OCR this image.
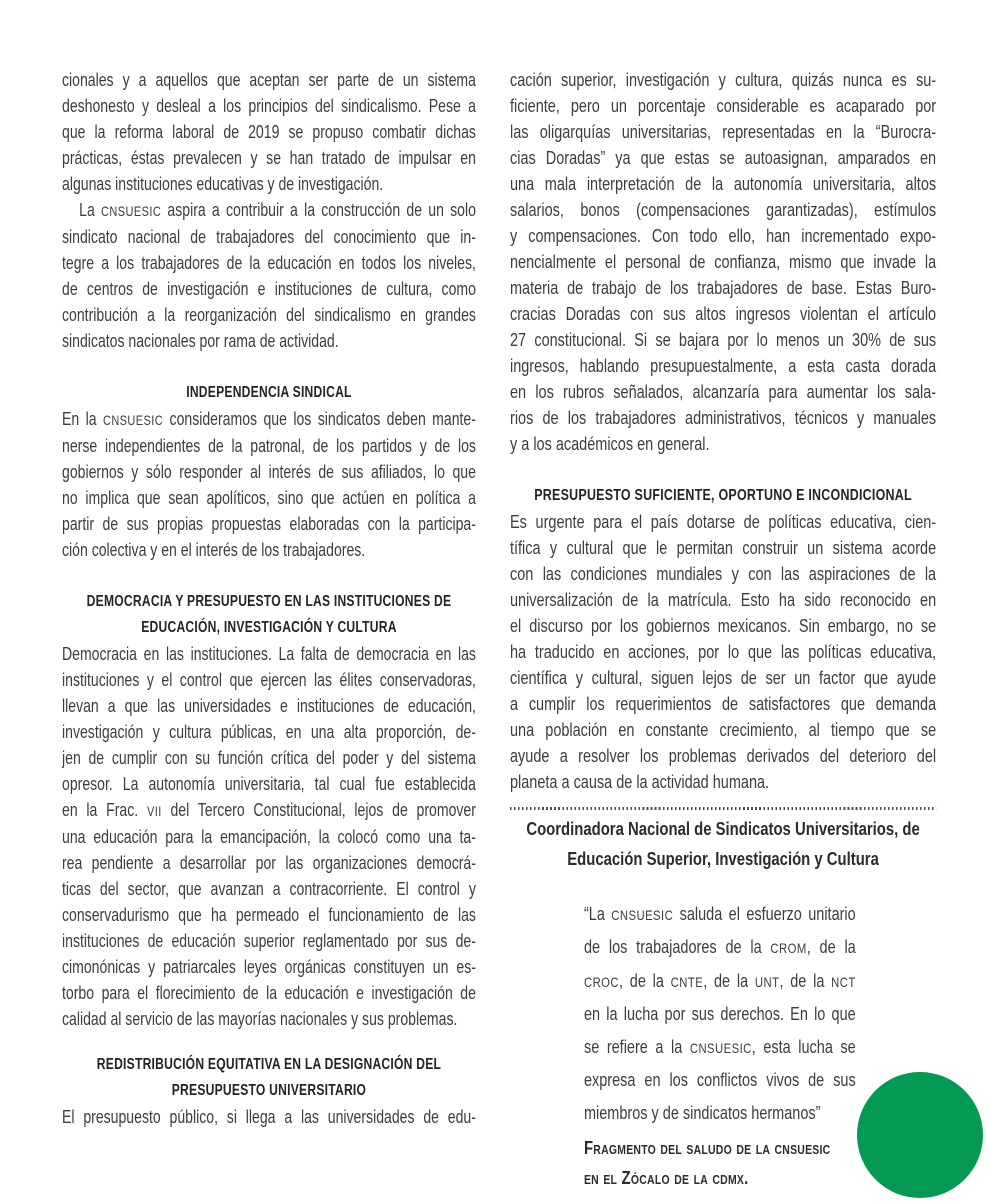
cionales y a aquellos que aceptan ser parte de un sistema
deshonesto y desleal a los principios del sindicalismo. Pese a
que la reforma laboral de 2019 se propuso combatir dichas
prácticas, éstas prevalecen y se han tratado de impulsar en
algunas instituciones educativas y de investigación.
La CNSUESIC aspira a contribuir a la construcción de un solo
sindicato nacional de trabajadores del conocimiento que in-
tegre a los trabajadores de la educación en todos los niveles,
de centros de investigación e instituciones de cultura, como
contribución a la reorganización del sindicalismo en grandes
sindicatos nacionales por rama de actividad.
INDEPENDENCIA SINDICAL
En la CNSUESIC consideramos que los sindicatos deben mante-
nerse independientes de la patronal, de los partidos y de los
gobiernos y sólo responder al interés de sus afiliados, lo que
no implica que sean apolíticos, sino que actúen en política a
partir de sus propias propuestas elaboradas con la participa-
ción colectiva y en el interés de los trabajadores.
DEMOCRACIA Y PRESUPUESTO EN LAS INSTITUCIONES DE
EDUCACIÓN, INVESTIGACIÓN Y CULTURA
Democracia en las instituciones. La falta de democracia en las
instituciones y el control que ejercen las élites conservadoras,
llevan a que las universidades e instituciones de educación,
investigación y cultura públicas, en una alta proporción, de-
jen de cumplir con su función crítica del poder y del sistema
opresor. La autonomía universitaria, tal cual fue establecida
en la Frac. VII del Tercero Constitucional, lejos de promover
una educación para la emancipación, la colocó como una ta-
rea pendiente a desarrollar por las organizaciones democrá-
ticas del sector, que avanzan a contracorriente. El control y
conservadurismo que ha permeado el funcionamiento de las
instituciones de educación superior reglamentado por sus de-
cimonónicas y patriarcales leyes orgánicas constituyen un es-
torbo para el florecimiento de la educación e investigación de
calidad al servicio de las mayorías nacionales y sus problemas.
REDISTRIBUCIÓN EQUITATIVA EN LA DESIGNACIÓN DEL
PRESUPUESTO UNIVERSITARIO
El presupuesto público, si llega a las universidades de edu-
cación superior, investigación y cultura, quizás nunca es su-
ficiente, pero un porcentaje considerable es acaparado por
las oligarquías universitarias, representadas en la “Burocra-
cias Doradas” ya que estas se autoasignan, amparados en
una mala interpretación de la autonomía universitaria, altos
salarios, bonos (compensaciones garantizadas), estímulos
y compensaciones. Con todo ello, han incrementado expo-
nencialmente el personal de confianza, mismo que invade la
materia de trabajo de los trabajadores de base. Estas Buro-
cracias Doradas con sus altos ingresos violentan el artículo
27 constitucional. Si se bajara por lo menos un 30% de sus
ingresos, hablando presupuestalmente, a esta casta dorada
en los rubros señalados, alcanzaría para aumentar los sala-
rios de los trabajadores administrativos, técnicos y manuales
y a los académicos en general.
PRESUPUESTO SUFICIENTE, OPORTUNO E INCONDICIONAL
Es urgente para el país dotarse de políticas educativa, cien-
tífica y cultural que le permitan construir un sistema acorde
con las condiciones mundiales y con las aspiraciones de la
universalización de la matrícula. Esto ha sido reconocido en
el discurso por los gobiernos mexicanos. Sin embargo, no se
ha traducido en acciones, por lo que las políticas educativa,
científica y cultural, siguen lejos de ser un factor que ayude
a cumplir los requerimientos de satisfactores que demanda
una población en constante crecimiento, al tiempo que se
ayude a resolver los problemas derivados del deterioro del
planeta a causa de la actividad humana.
Coordinadora Nacional de Sindicatos Universitarios, de
Educación Superior, Investigación y Cultura
“La CNSUESIC saluda el esfuerzo unitario
de los trabajadores de la CROM, de la
CROC, de la CNTE, de la UNT, de la NCT
en la lucha por sus derechos. En lo que
se refiere a la CNSUESIC, esta lucha se
expresa en los conflictos vivos de sus
miembros y de sindicatos hermanos”
Fragmento del saludo de la cnsuesic
en el Zócalo de la cdmx.
